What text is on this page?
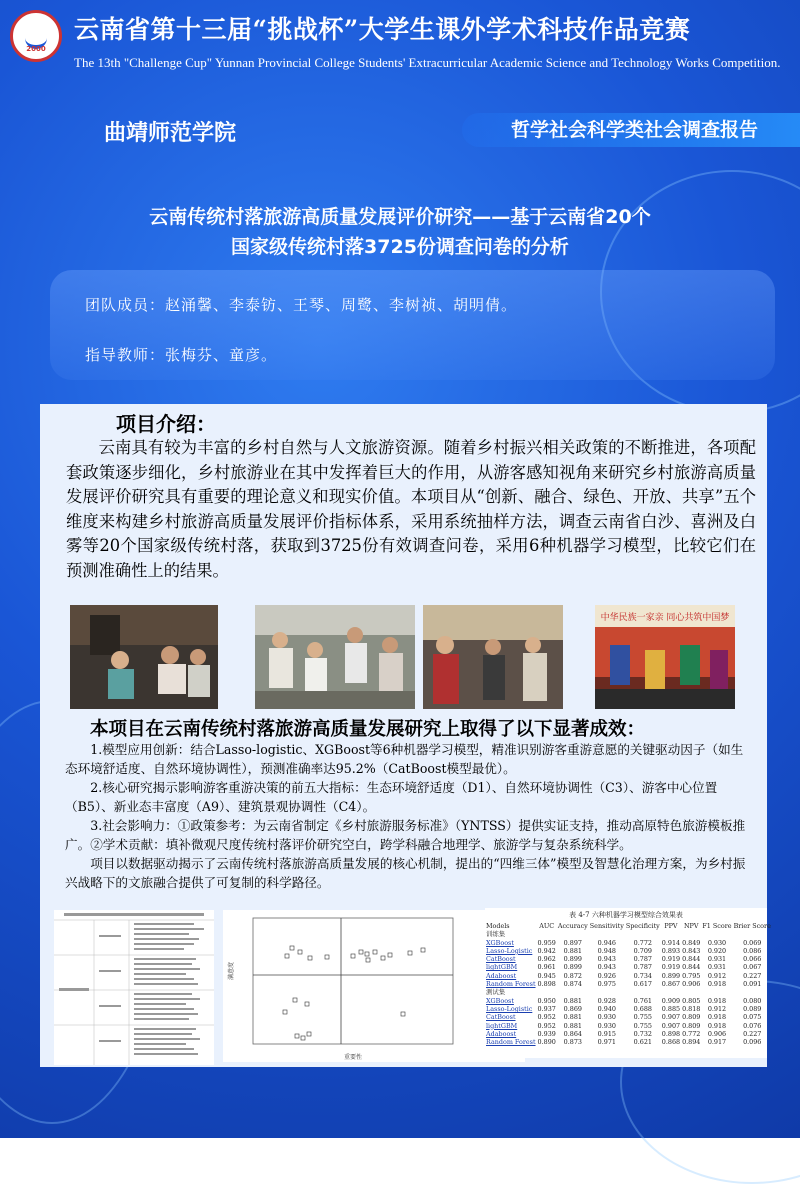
2000
云南省第十三届“挑战杯”大学生课外学术科技作品竞赛
The 13th "Challenge Cup" Yunnan Provincial College Students' Extracurricular Academic Science and Technology Works Competition.
曲靖师范学院	哲学社会科学类社会调查报告
云南传统村落旅游高质量发展评价研究——基于云南省20个
国家级传统村落3725份调查问卷的分析
团队成员：赵涌馨、李泰钫、王琴、周鹭、李树祯、胡明倩。
指导教师：张梅芬、童彦。
项目介绍：
云南具有较为丰富的乡村自然与人文旅游资源。随着乡村振兴相关政策的不断推进，各项配套政策逐步细化，乡村旅游业在其中发挥着巨大的作用，从游客感知视角来研究乡村旅游高质量发展评价研究具有重要的理论意义和现实价值。本项目从“创新、融合、绿色、开放、共享”五个维度来构建乡村旅游高质量发展评价指标体系，采用系统抽样方法，调查云南省白沙、喜洲及白雾等20个国家级传统村落，获取到3725份有效调查问卷，采用6种机器学习模型，比较它们在预测准确性上的结果。
中华民族一家亲 同心共筑中国梦
本项目在云南传统村落旅游高质量发展研究上取得了以下显著成效：

1.模型应用创新：结合Lasso-logistic、XGBoost等6种机器学习模型，精准识别游客重游意愿的关键驱动因子（如生态环境舒适度、自然环境协调性），预测准确率达95.2%（CatBoost模型最优）。

2.核心研究揭示影响游客重游决策的前五大指标：生态环境舒适度（D1）、自然环境协调性（C3）、游客中心位置（B5）、新业态丰富度（A9）、建筑景观协调性（C4）。

3.社会影响力：①政策参考：为云南省制定《乡村旅游服务标准》（YNTSS）提供实证支持，推动高原特色旅游模板推广。②学术贡献：填补微观尺度传统村落评价研究空白，跨学科融合地理学、旅游学与复杂系统科学。

项目以数据驱动揭示了云南传统村落旅游高质量发展的核心机制，提出的“四维三体”模型及智慧化治理方案，为乡村振兴战略下的文旅融合提供了可复制的科学路径。

重要性
满意度
表 4-7 六种机器学习模型综合效果表
Models	AUC	Accuracy	Sensitivity	Specificity	PPV	NPV	F1 Score	Brier Score
训练集								
XGBoost	0.959	0.897	0.946	0.772	0.914	0.849	0.930	0.069
Lasso-Logistic	0.942	0.881	0.948	0.709	0.893	0.843	0.920	0.086
CatBoost	0.962	0.899	0.943	0.787	0.919	0.844	0.931	0.066
lightGBM	0.961	0.899	0.943	0.787	0.919	0.844	0.931	0.067
Adaboost	0.945	0.872	0.926	0.734	0.899	0.795	0.912	0.227
Random Forest	0.898	0.874	0.975	0.617	0.867	0.906	0.918	0.091
测试集								
XGBoost	0.950	0.881	0.928	0.761	0.909	0.805	0.918	0.080
Lasso-Logistic	0.937	0.869	0.940	0.688	0.885	0.818	0.912	0.089
CatBoost	0.952	0.881	0.930	0.755	0.907	0.809	0.918	0.075
lightGBM	0.952	0.881	0.930	0.755	0.907	0.809	0.918	0.076
Adaboost	0.939	0.864	0.915	0.732	0.898	0.772	0.906	0.227
Random Forest	0.890	0.873	0.971	0.621	0.868	0.894	0.917	0.096
